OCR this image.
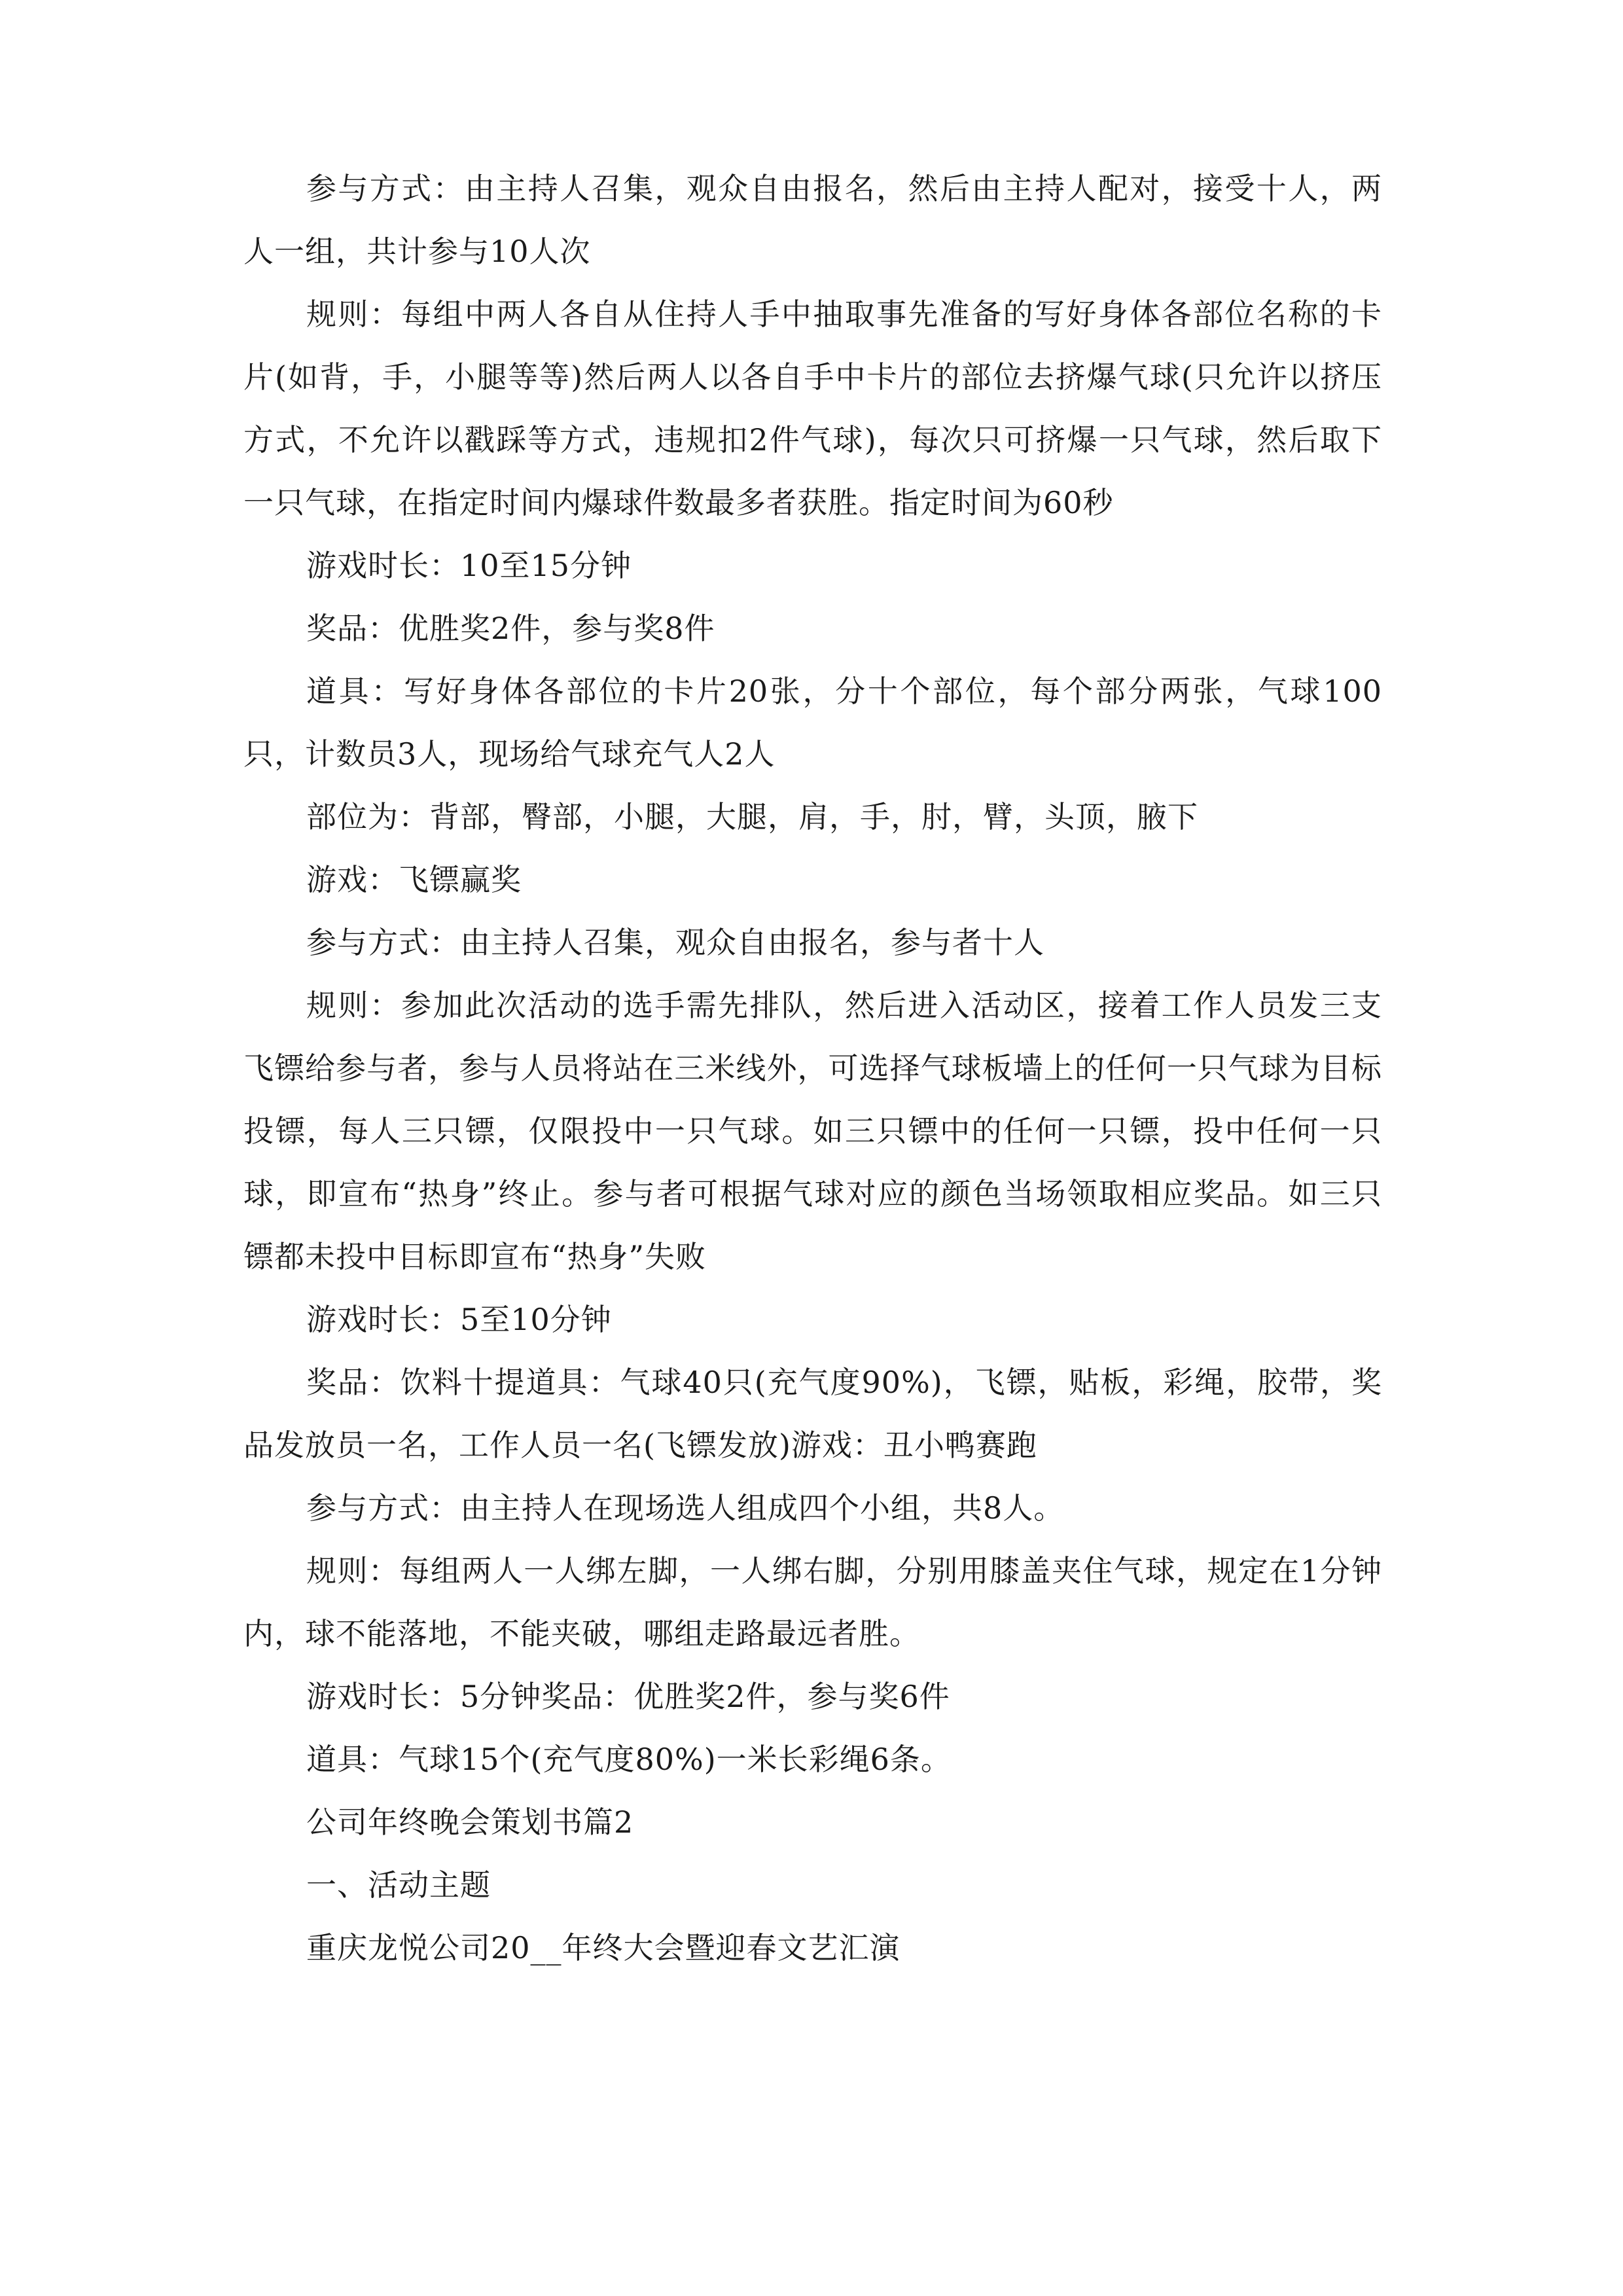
参与方式：由主持人召集，观众自由报名，然后由主持人配对，接受十人，两人一组，共计参与10人次

规则：每组中两人各自从住持人手中抽取事先准备的写好身体各部位名称的卡片(如背，手，小腿等等)然后两人以各自手中卡片的部位去挤爆气球(只允许以挤压方式，不允许以戳踩等方式，违规扣2件气球)，每次只可挤爆一只气球，然后取下一只气球，在指定时间内爆球件数最多者获胜。指定时间为60秒

游戏时长：10至15分钟

奖品：优胜奖2件，参与奖8件

道具：写好身体各部位的卡片20张，分十个部位，每个部分两张，气球100只，计数员3人，现场给气球充气人2人

部位为：背部，臀部，小腿，大腿，肩，手，肘，臂，头顶，腋下

游戏：飞镖赢奖

参与方式：由主持人召集，观众自由报名，参与者十人

规则：参加此次活动的选手需先排队，然后进入活动区，接着工作人员发三支飞镖给参与者，参与人员将站在三米线外，可选择气球板墙上的任何一只气球为目标投镖，每人三只镖，仅限投中一只气球。如三只镖中的任何一只镖，投中任何一只球，即宣布“热身”终止。参与者可根据气球对应的颜色当场领取相应奖品。如三只镖都未投中目标即宣布“热身”失败

游戏时长：5至10分钟

奖品：饮料十提道具：气球40只(充气度90%)，飞镖，贴板，彩绳，胶带，奖品发放员一名，工作人员一名(飞镖发放)游戏：丑小鸭赛跑

参与方式：由主持人在现场选人组成四个小组，共8人。

规则：每组两人一人绑左脚，一人绑右脚，分别用膝盖夹住气球，规定在1分钟内，球不能落地，不能夹破，哪组走路最远者胜。

游戏时长：5分钟奖品：优胜奖2件，参与奖6件

道具：气球15个(充气度80%)一米长彩绳6条。

公司年终晚会策划书篇2

一、活动主题

重庆龙悦公司20__年终大会暨迎春文艺汇演
